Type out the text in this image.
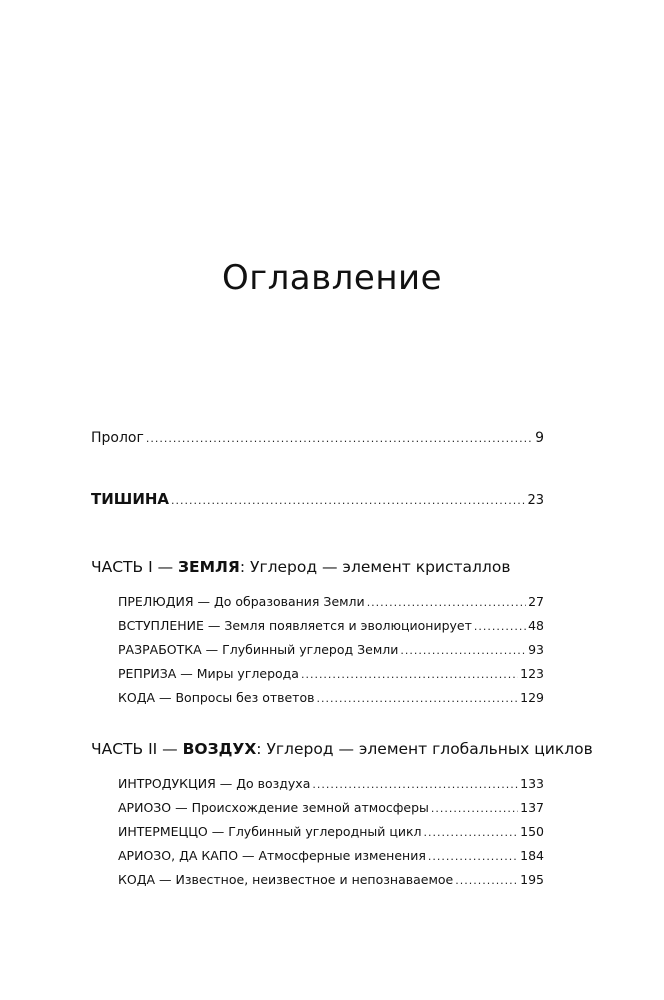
Оглавление
Пролог .....	9
ТИШИНА .....	23
ЧАСТЬ I — ЗЕМЛЯ: Углерод — элемент кристаллов
ПРЕЛЮДИЯ — До образования Земли .....	27
ВСТУПЛЕНИЕ — Земля появляется и эволюционирует .....	48
РАЗРАБОТКА — Глубинный углерод Земли .....	93
РЕПРИЗА — Миры углерода .....	123
КОДА — Вопросы без ответов .....	129
ЧАСТЬ II — ВОЗДУХ: Углерод — элемент глобальных циклов
ИНТРОДУКЦИЯ — До воздуха .....	133
АРИОЗО — Происхождение земной атмосферы .....	137
ИНТЕРМЕЦЦО — Глубинный углеродный цикл .....	150
АРИОЗО, ДА КАПО — Атмосферные изменения .....	184
КОДА — Известное, неизвестное и непознаваемое .....	195
